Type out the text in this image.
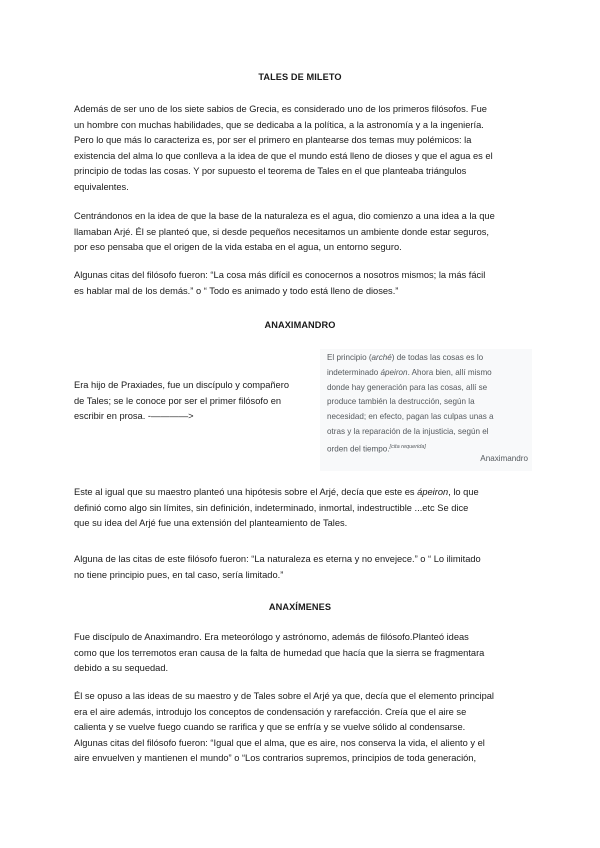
TALES DE MILETO
Además de ser uno de los siete sabios de Grecia, es considerado uno de los primeros filósofos. Fue
un hombre con muchas habilidades, que se dedicaba a la política, a la astronomía y a la ingeniería.
Pero lo que más lo caracteriza es, por ser el primero en plantearse dos temas muy polémicos: la
existencia del alma lo que conlleva a la idea de que el mundo está lleno de dioses y que el agua es el
principio de todas las cosas. Y por supuesto el teorema de Tales en el que planteaba triángulos
equivalentes.
Centrándonos en la idea de que la base de la naturaleza es el agua, dio comienzo a una idea a la que
llamaban Arjé. Él se planteó que, si desde pequeños necesitamos un ambiente donde estar seguros,
por eso pensaba que el origen de la vida estaba en el agua, un entorno seguro.
Algunas citas del filósofo fueron: “La cosa más difícil es conocernos a nosotros mismos; la más fácil
es hablar mal de los demás.” o “ Todo es animado y todo está lleno de dioses.”
ANAXIMANDRO
Era hijo de Praxiades, fue un discípulo y compañero
de Tales; se le conoce por ser el primer filósofo en
escribir en prosa. -————>
El principio (arché) de todas las cosas es lo
indeterminado ápeiron. Ahora bien, allí mismo
donde hay generación para las cosas, allí se
produce también la destrucción, según la
necesidad; en efecto, pagan las culpas unas a
otras y la reparación de la injusticia, según el
orden del tiempo.[cita requerida]
Anaximandro
Este al igual que su maestro planteó una hipótesis sobre el Arjé, decía que este es ápeiron, lo que
definió como algo sin límites, sin definición, indeterminado, inmortal, indestructible ...etc Se dice
que su idea del Arjé fue una extensión del planteamiento de Tales.
Alguna de las citas de este filósofo fueron: “La naturaleza es eterna y no envejece.” o “ Lo ilimitado
no tiene principio pues, en tal caso, sería limitado.”
ANAXÍMENES
Fue discípulo de Anaximandro. Era meteorólogo y astrónomo, además de filósofo.Planteó ideas
como que los terremotos eran causa de la falta de humedad que hacía que la sierra se fragmentara
debido a su sequedad.
Él se opuso a las ideas de su maestro y de Tales sobre el Arjé ya que, decía que el elemento principal
era el aire además, introdujo los conceptos de condensación y rarefacción. Creía que el aire se
calienta y se vuelve fuego cuando se rarifica y que se enfría y se vuelve sólido al condensarse.
Algunas citas del filósofo fueron: “Igual que el alma, que es aire, nos conserva la vida, el aliento y el
aire envuelven y mantienen el mundo” o “Los contrarios supremos, principios de toda generación,
